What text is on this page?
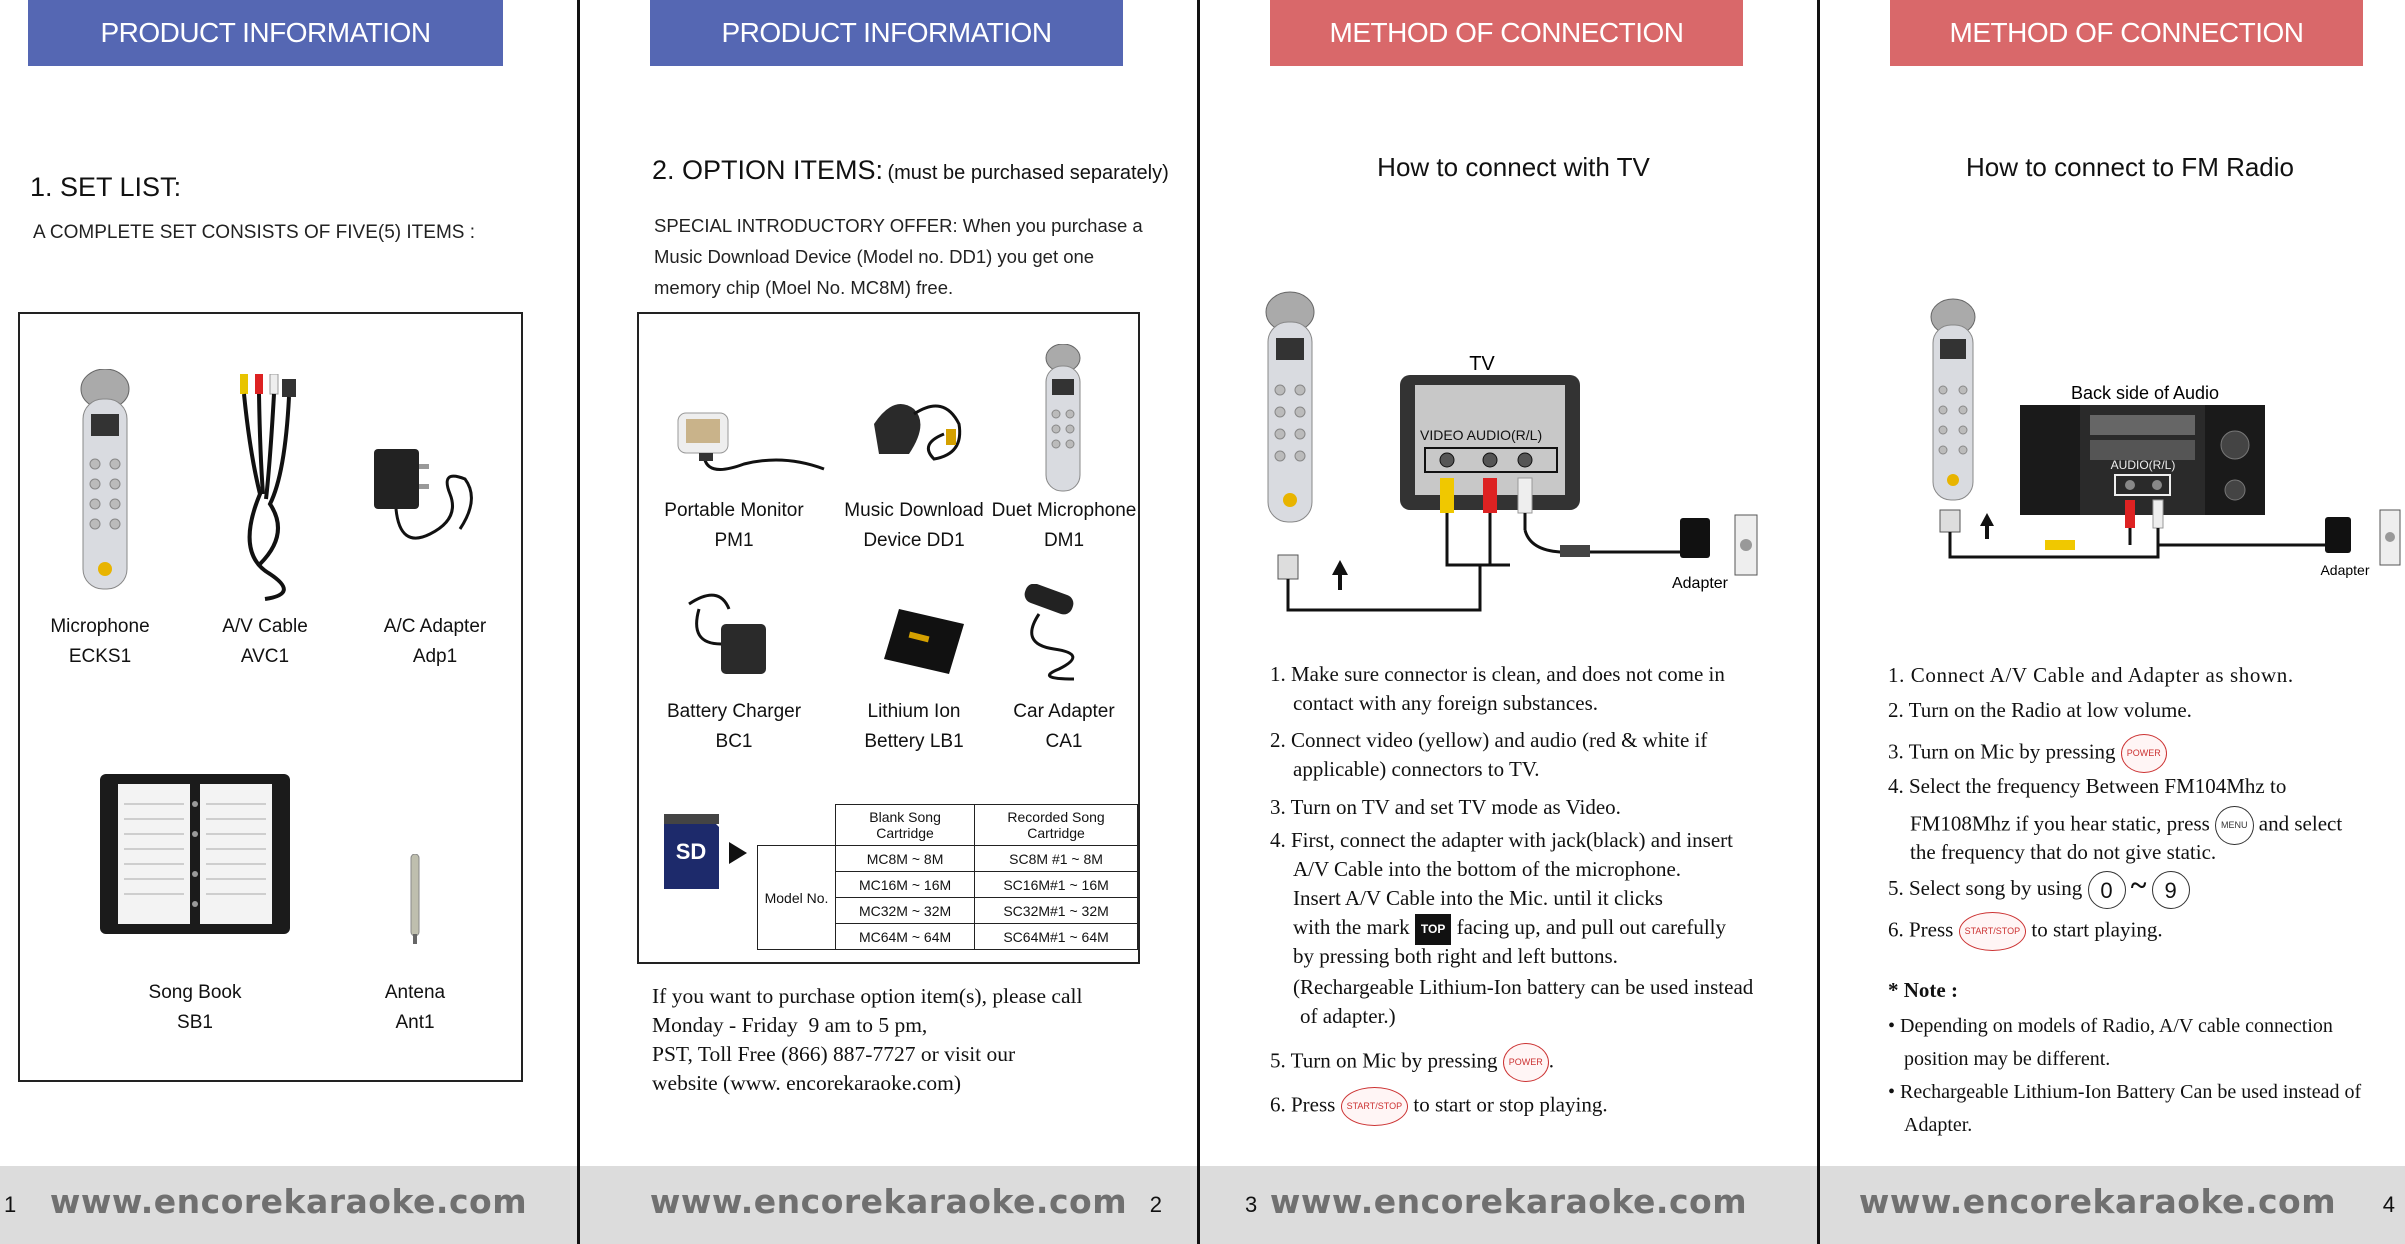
PRODUCT INFORMATION
1. SET LIST:
A COMPLETE SET CONSISTS OF FIVE(5) ITEMS :
Microphone
ECKS1
A/V Cable
AVC1
A/C Adapter
Adp1
Song Book
SB1
Antena
Ant1
1	www.encorekaraoke.com
PRODUCT INFORMATION
2. OPTION ITEMS: (must be purchased separately)
SPECIAL INTRODUCTORY OFFER: When you purchase a Music Download Device (Model no. DD1) you get one memory chip (Moel No. MC8M) free.
Portable Monitor
PM1
Music Download
Device DD1
Duet Microphone
DM1
Battery Charger
BC1
Lithium Ion
Bettery LB1
Car Adapter
CA1
SD
	Blank Song Cartridge	Recorded Song Cartridge
Model No.	MC8M ~ 8M	SC8M #1 ~ 8M
	MC16M ~ 16M	SC16M#1 ~ 16M
	MC32M ~ 32M	SC32M#1 ~ 32M
	MC64M ~ 64M	SC64M#1 ~ 64M
If you want to purchase option item(s), please call
Monday - Friday  9 am to 5 pm,
PST, Toll Free (866) 887-7727 or visit our
website (www. encorekaraoke.com)
www.encorekaraoke.com	2
METHOD OF CONNECTION
How to connect with TV
TV
VIDEO AUDIO(R/L)
Adapter
1. Make sure connector is clean, and does not come in
contact with any foreign substances.
2. Connect video (yellow) and audio (red & white if
applicable) connectors to TV.
3. Turn on TV and set TV mode as Video.
4. First, connect the adapter with jack(black) and insert
A/V Cable into the bottom of the microphone.
Insert A/V Cable into the Mic. until it clicks
with the mark TOP facing up, and pull out carefully
by pressing both right and left buttons.
(Rechargeable Lithium-Ion battery can be used instead
of adapter.)
5. Turn on Mic by pressing POWER .
6. Press START/STOP to start or stop playing.
3 www.encorekaraoke.com
METHOD OF CONNECTION
How to connect to FM Radio
Back side of Audio
AUDIO(R/L)
Adapter
1. Connect A/V Cable and Adapter as shown.
2. Turn on the Radio at low volume.
3. Turn on Mic by pressing POWER
4. Select the frequency Between FM104Mhz to
FM108Mhz if you hear static, press MENU and select
the frequency that do not give static.
5. Select song by using 0 ~ 9
6. Press START/STOP to start playing.
* Note :
• Depending on models of Radio, A/V cable connection position may be different.
• Rechargeable Lithium-Ion Battery Can be used instead of Adapter.
www.encorekaraoke.com	4
